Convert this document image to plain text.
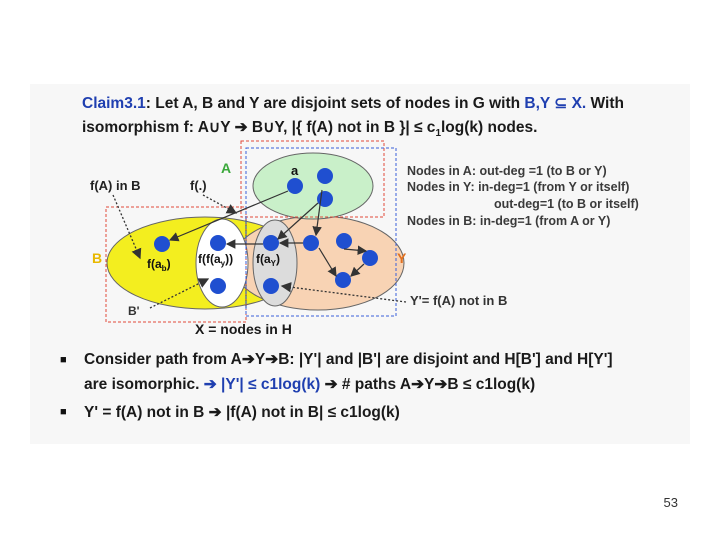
Claim3.1: Let A, B and Y are disjoint sets of nodes in G with B,Y ⊆ X. With
isomorphism f: A∪Y ➔ B∪Y, |{ f(A) not in B }| ≤ $c_1\log(k)$ nodes.
A	a
B	Y
B'
f(A) in B	f(.)
$f(a_b)$ $f(f(a_y))$ $f(a_Y)$
Y'= f(A) not in B
X = nodes in H
Nodes in A: out-deg =1 (to B or Y)
Nodes in Y: in-deg=1 (from Y or itself)
out-deg=1 (to B or itself)
Nodes in B: in-deg=1 (from A or Y)
■ Consider path from A➔Y➔B: |Y'| and |B'| are disjoint and H[B'] and H[Y']
are isomorphic. ➔ |Y'| ≤ c1log(k) ➔ # paths A➔Y➔B ≤ c1log(k)
■ Y' = f(A) not in B ➔ |f(A) not in B| ≤ c1log(k)
53
